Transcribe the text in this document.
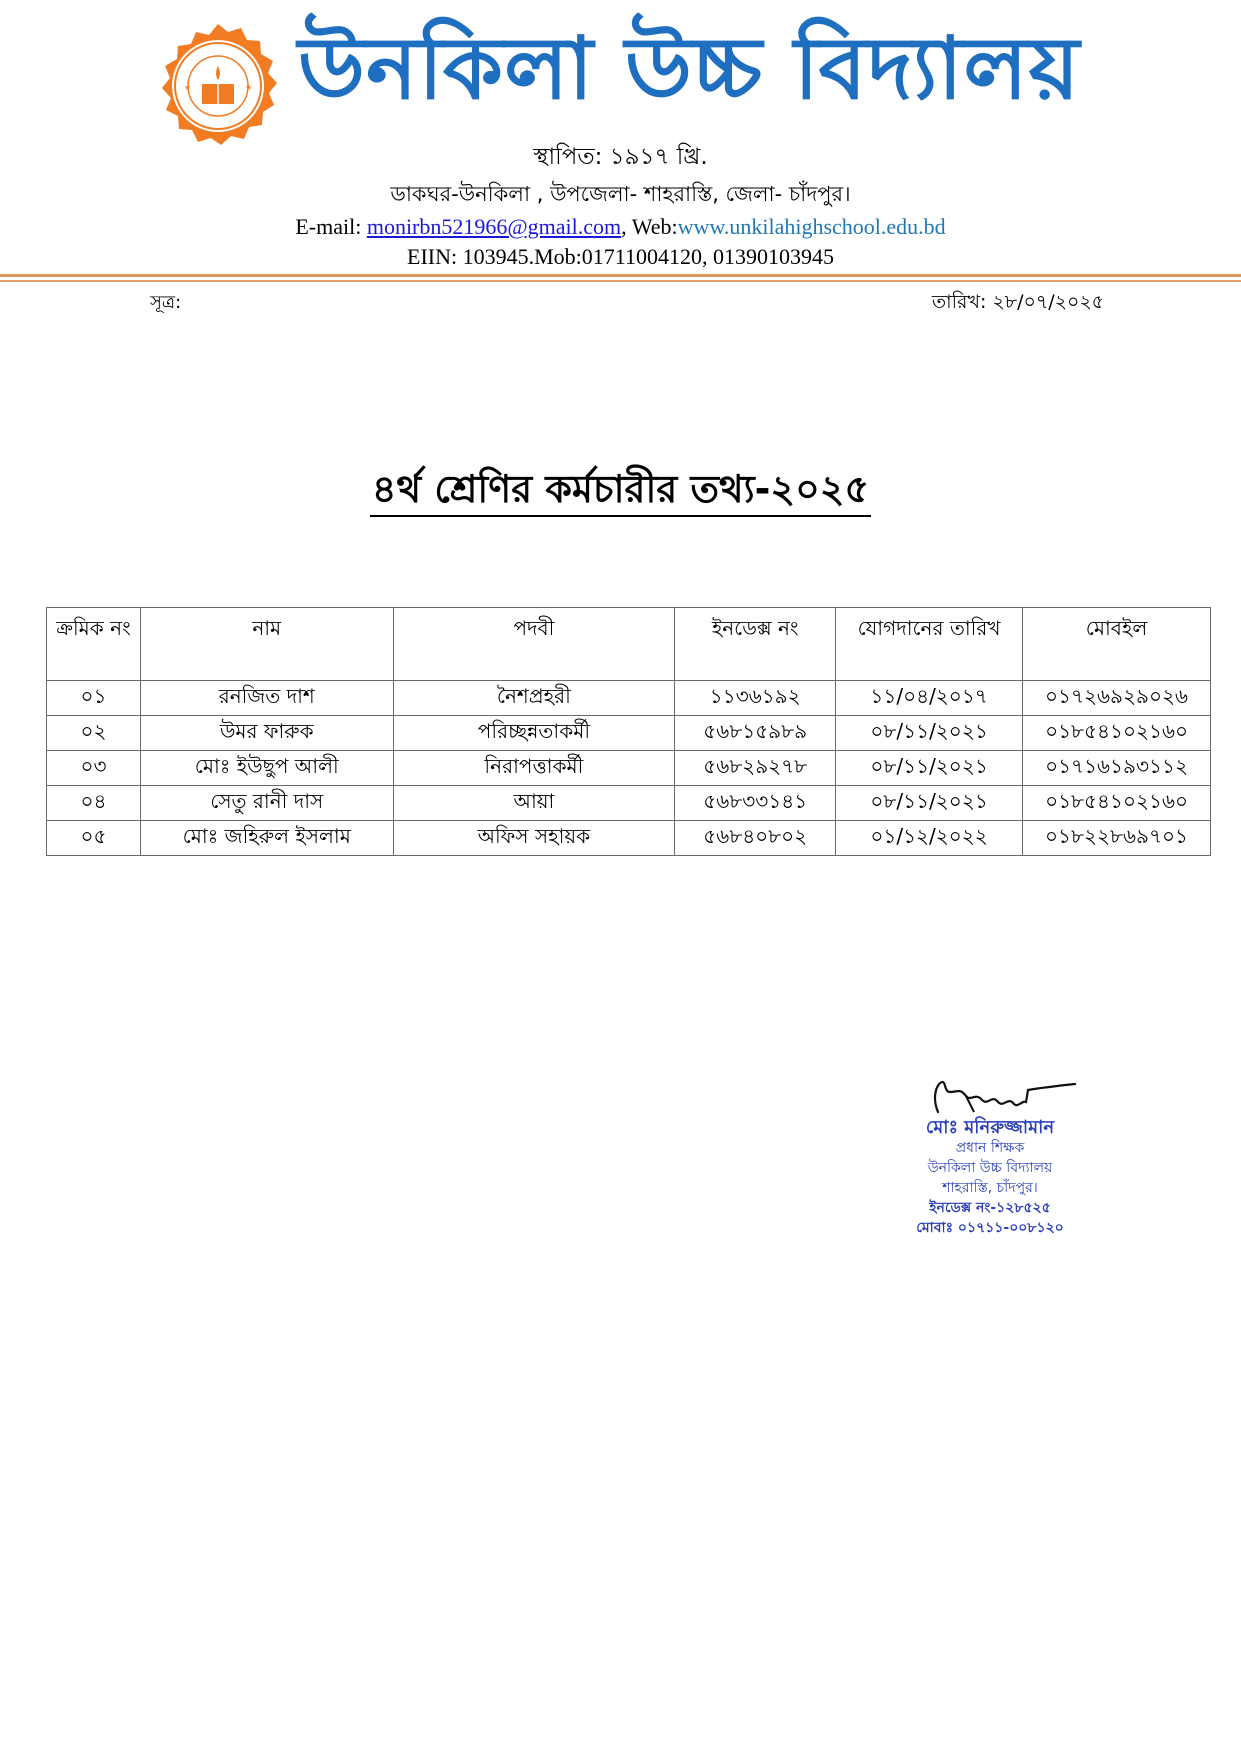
★	★ উনকিলা উচ্চ বিদ্যালয়
স্থাপিত: ১৯১৭ খ্রি.
ডাকঘর-উনকিলা , উপজেলা- শাহরাস্তি, জেলা- চাঁদপুর।
E-mail: monirbn521966@gmail.com, Web:www.unkilahighschool.edu.bd
EIIN: 103945.Mob:01711004120, 01390103945
সূত্র:	তারিখ: ২৮/০৭/২০২৫
৪র্থ শ্রেণির কর্মচারীর তথ্য-২০২৫
ক্রমিক নং	নাম	পদবী	ইনডেক্স নং	যোগদানের তারিখ	মোবইল
০১	রনজিত দাশ	নৈশপ্রহরী	১১৩৬১৯২	১১/০৪/২০১৭	০১৭২৬৯২৯০২৬
০২	উমর ফারুক	পরিচ্ছন্নতাকর্মী	৫৬৮১৫৯৮৯	০৮/১১/২০২১	০১৮৫৪১০২১৬০
০৩	মোঃ ইউছুপ আলী	নিরাপত্তাকর্মী	৫৬৮২৯২৭৮	০৮/১১/২০২১	০১৭১৬১৯৩১১২
০৪	সেতু রানী দাস	আয়া	৫৬৮৩৩১৪১	০৮/১১/২০২১	০১৮৫৪১০২১৬০
০৫	মোঃ জহিরুল ইসলাম	অফিস সহায়ক	৫৬৮৪০৮০২	০১/১২/২০২২	০১৮২২৮৬৯৭০১
মোঃ মনিরুজ্জামান
প্রধান শিক্ষক
উনকিলা উচ্চ বিদ্যালয়
শাহরাস্তি, চাঁদপুর।
ইনডেক্স নং-১২৮৫২৫
মোবাঃ ০১৭১১-০০৮১২০
